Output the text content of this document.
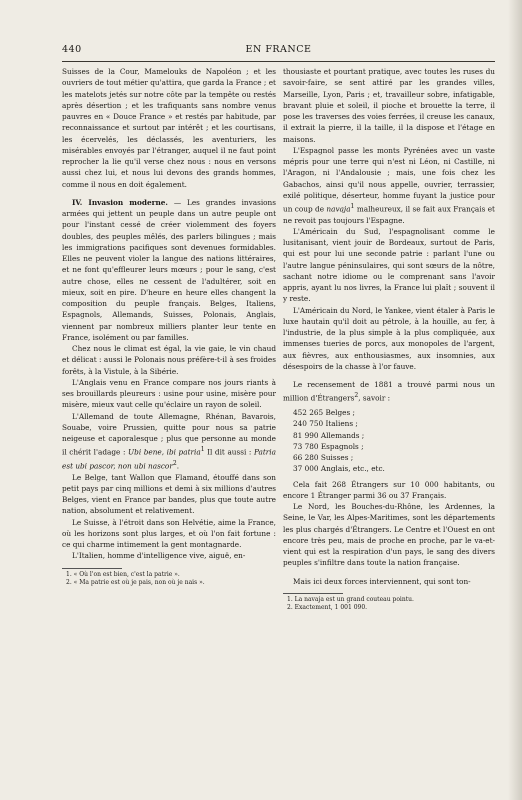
440	EN FRANCE

Suisses de la Cour, Mamelouks de Napoléon ; et les ouvriers de tout métier qu'attira, que garda la France ; et les matelots jetés sur notre côte par la tempête ou restés après désertion ; et les trafiquants sans nombre venus pauvres en « Douce France » et restés par habitude, par reconnaissance et surtout par intérêt ; et les courtisans, les écervelés, les déclassés, les aventuriers, les misérables envoyés par l'étranger, auquel il ne faut point reprocher la lie qu'il verse chez nous : nous en versons aussi chez lui, et nous lui devons des grands hommes, comme il nous en doit également.

IV. Invasion moderne. — Les grandes invasions armées qui jettent un peuple dans un autre peuple ont pour l'instant cessé de créer violemment des foyers doubles, des peuples mêlés, des parlers bilingues ; mais les immigrations pacifiques sont devenues formidables. Elles ne peuvent violer la langue des nations littéraires, et ne font qu'effleurer leurs mœurs ; pour le sang, c'est autre chose, elles ne cessent de l'adultérer, soit en mieux, soit en pire. D'heure en heure elles changent la composition du peuple français. Belges, Italiens, Espagnols, Allemands, Suisses, Polonais, Anglais, viennent par nombreux milliers planter leur tente en France, isolément ou par familles.

Chez nous le climat est égal, la vie gaie, le vin chaud et délicat : aussi le Polonais nous préfère-t-il à ses froides forêts, à la Vistule, à la Sibérie.

L'Anglais venu en France compare nos jours riants à ses brouillards pleureurs : usine pour usine, misère pour misère, mieux vaut celle qu'éclaire un rayon de soleil.

L'Allemand de toute Allemagne, Rhénan, Bavarois, Souabe, voire Prussien, quitte pour nous sa patrie neigeuse et caporalesque ; plus que personne au monde il chérit l'adage : Ubi bene, ibi patria$^1$ Il dit aussi : Patria est ubi pascor, non ubi nascor$^2$.

Le Belge, tant Wallon que Flamand, étouffé dans son petit pays par cinq millions et demi à six millions d'autres Belges, vient en France par bandes, plus que toute autre nation, absolument et relativement.

Le Suisse, à l'étroit dans son Helvétie, aime la France, où les horizons sont plus larges, et où l'on fait fortune : ce qui charme intimement la gent montagnarde.

L'Italien, homme d'intelligence vive, aiguë, en-

1. « Où l'on est bien, c'est la patrie ».

2. « Ma patrie est où je pais, non où je nais ».

thousiaste et pourtant pratique, avec toutes les ruses du savoir-faire, se sent attiré par les grandes villes, Marseille, Lyon, Paris ; et, travailleur sobre, infatigable, bravant pluie et soleil, il pioche et brouette la terre, il pose les traverses des voies ferrées, il creuse les canaux, il extrait la pierre, il la taille, il la dispose et l'étage en maisons.

L'Espagnol passe les monts Pyrénées avec un vaste mépris pour une terre qui n'est ni Léon, ni Castille, ni l'Aragon, ni l'Andalousie ; mais, une fois chez les Gabachos, ainsi qu'il nous appelle, ouvrier, terrassier, exilé politique, déserteur, homme fuyant la justice pour un coup de navaja$^1$ malheureux, il se fait aux Français et ne revoit pas toujours l'Espagne.

L'Américain du Sud, l'espagnolisant comme le lusitanisant, vient jouir de Bordeaux, surtout de Paris, qui est pour lui une seconde patrie : parlant l'une ou l'autre langue péninsulaires, qui sont sœurs de la nôtre, sachant notre idiome ou le comprenant sans l'avoir appris, ayant lu nos livres, la France lui plaît ; souvent il y reste.

L'Américain du Nord, le Yankee, vient étaler à Paris le luxe hautain qu'il doit au pétrole, à la houille, au fer, à l'industrie, de la plus simple à la plus compliquée, aux immenses tueries de porcs, aux monopoles de l'argent, aux fièvres, aux enthousiasmes, aux insomnies, aux désespoirs de la chasse à l'or fauve.

Le recensement de 1881 a trouvé parmi nous un million d'Étrangers$^2$, savoir :

452 265 Belges ;
240 750 Italiens ;
81 990 Allemands ;
73 780 Espagnols ;
66 280 Suisses ;
37 000 Anglais, etc., etc.

Cela fait 268 Étrangers sur 10 000 habitants, ou encore 1 Étranger parmi 36 ou 37 Français.

Le Nord, les Bouches-du-Rhône, les Ardennes, la Seine, le Var, les Alpes-Maritimes, sont les départements les plus chargés d'Étrangers. Le Centre et l'Ouest en ont encore très peu, mais de proche en proche, par le va-et-vient qui est la respiration d'un pays, le sang des divers peuples s'infiltre dans toute la nation française.

Mais ici deux forces interviennent, qui sont ton-

1. La navaja est un grand couteau pointu.

2. Exactement, 1 001 090.
